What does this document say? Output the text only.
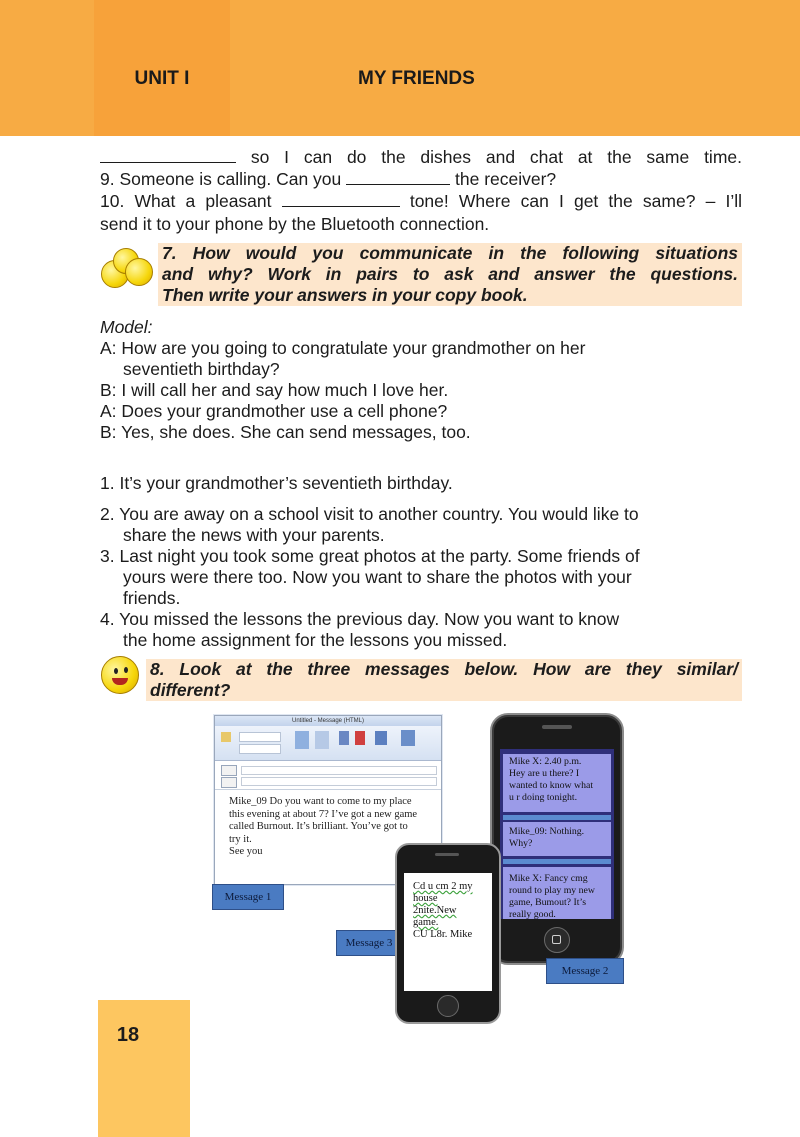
UNIT I	MY FRIENDS
so I can do the dishes and chat at the same time.
9. Someone is calling. Can you	the receiver?
10. What a pleasant	tone! Where can I get the same? – I’ll
send it to your phone by the Bluetooth connection.
7. How would you communicate in the following situations
and why? Work in pairs to ask and answer the questions.
Then write your answers in your copy book.
Model:
A: How are you going to congratulate your grandmother on her
seventieth birthday?
B: I will call her and say how much I love her.
A: Does your grandmother use a cell phone?
B: Yes, she does. She can send messages, too.
1. It’s your grandmother’s seventieth birthday.
2. You are away on a school visit to another country. You would like to
share the news with your parents.
3. Last night you took some great photos at the party. Some friends of
yours were there too. Now you want to share the photos with your
friends.
4. You missed the lessons the previous day. Now you want to know
the home assignment for the lessons you missed.
8. Look at the three messages below. How are they similar/
different?
Untitled - Message (HTML)
Mike_09 Do you want to come to my place
this evening at about 7? I’ve got a new game
called Burnout. It’s brilliant. You’ve got to
try it.
See you
Message 1
Mike X: 2.40 p.m.
Hey are u there? I
wanted to know what
u r doing tonight.
Mike_09: Nothing.
Why?
Mike X: Fancy cmg
round to play my new
game, Bumout? It’s
really good.
Message 2
Message 3
Cd u cm 2 my
house
2nite.New
game.
CU L8r. Mike
18
